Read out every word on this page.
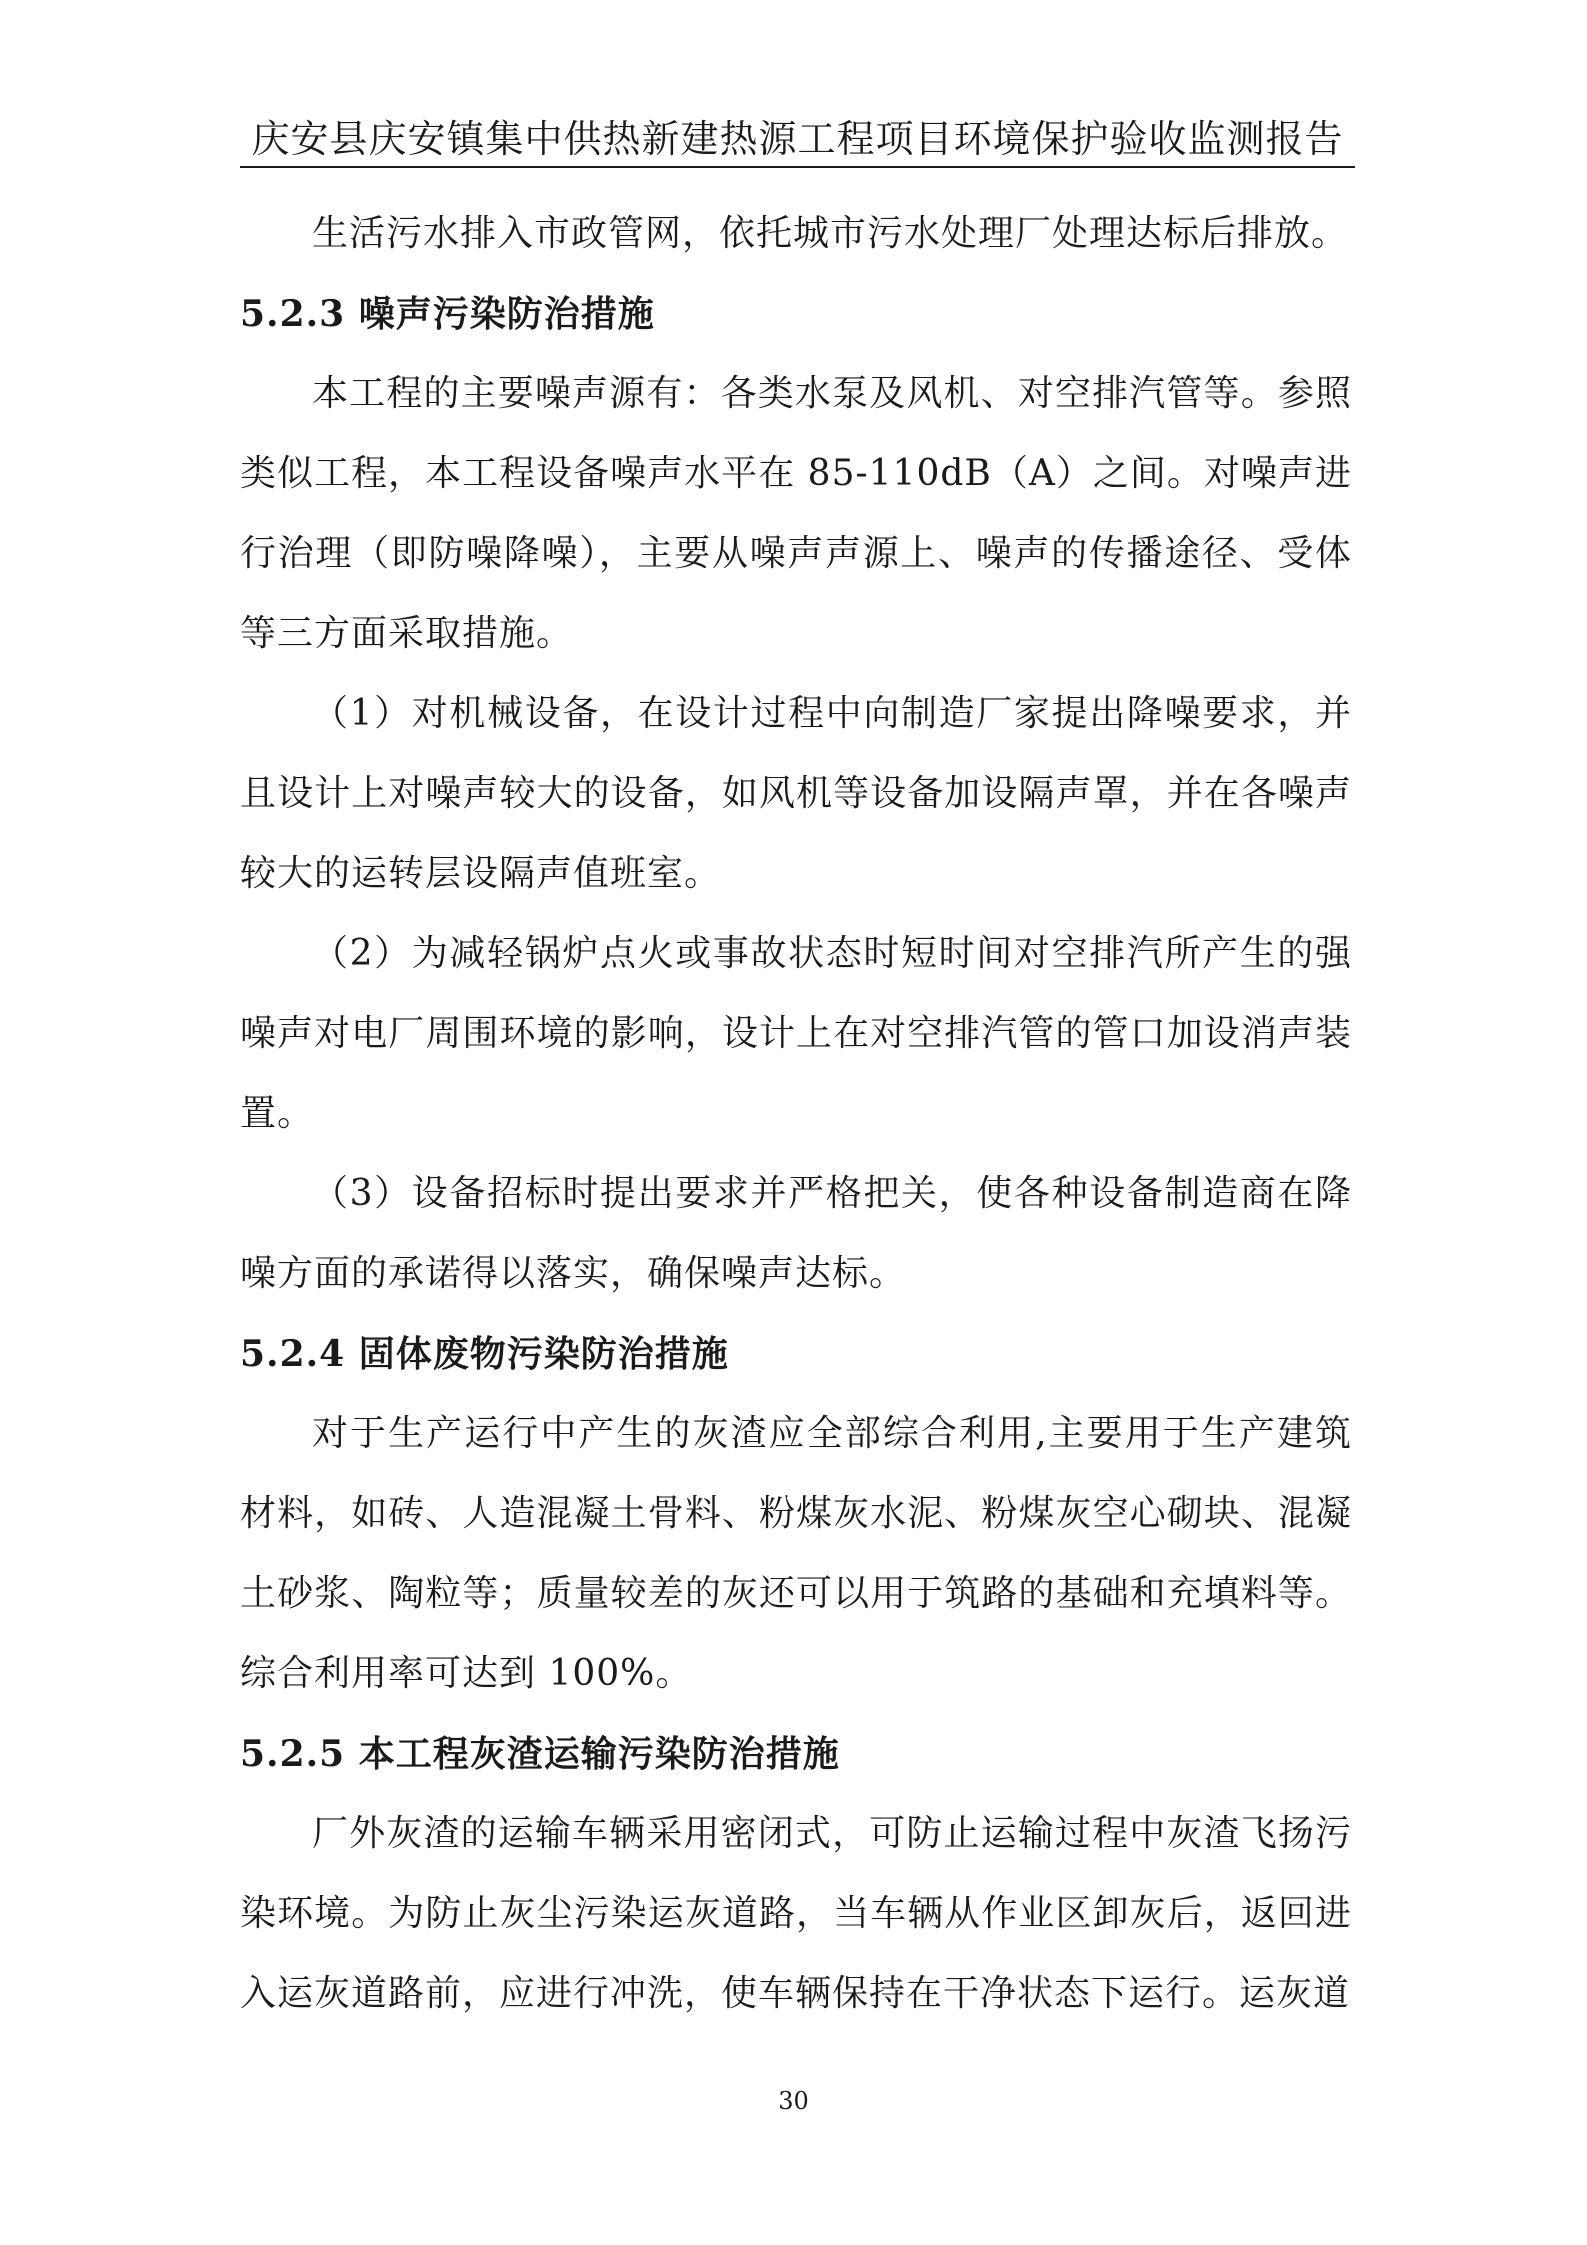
庆安县庆安镇集中供热新建热源工程项目环境保护验收监测报告

生活污水排入市政管网，依托城市污水处理厂处理达标后排放。

5.2.3 噪声污染防治措施

本工程的主要噪声源有：各类水泵及风机、对空排汽管等。参照类似工程，本工程设备噪声水平在 85-110dB（A）之间。对噪声进行治理（即防噪降噪），主要从噪声声源上、噪声的传播途径、受体等三方面采取措施。

（1）对机械设备，在设计过程中向制造厂家提出降噪要求，并且设计上对噪声较大的设备，如风机等设备加设隔声罩，并在各噪声较大的运转层设隔声值班室。

（2）为减轻锅炉点火或事故状态时短时间对空排汽所产生的强噪声对电厂周围环境的影响，设计上在对空排汽管的管口加设消声装置。

（3）设备招标时提出要求并严格把关，使各种设备制造商在降噪方面的承诺得以落实，确保噪声达标。

5.2.4 固体废物污染防治措施

对于生产运行中产生的灰渣应全部综合利用,主要用于生产建筑材料，如砖、人造混凝土骨料、粉煤灰水泥、粉煤灰空心砌块、混凝土砂浆、陶粒等；质量较差的灰还可以用于筑路的基础和充填料等。综合利用率可达到 100%。

5.2.5 本工程灰渣运输污染防治措施

厂外灰渣的运输车辆采用密闭式，可防止运输过程中灰渣飞扬污染环境。为防止灰尘污染运灰道路，当车辆从作业区卸灰后，返回进入运灰道路前，应进行冲洗，使车辆保持在干净状态下运行。运灰道

30
